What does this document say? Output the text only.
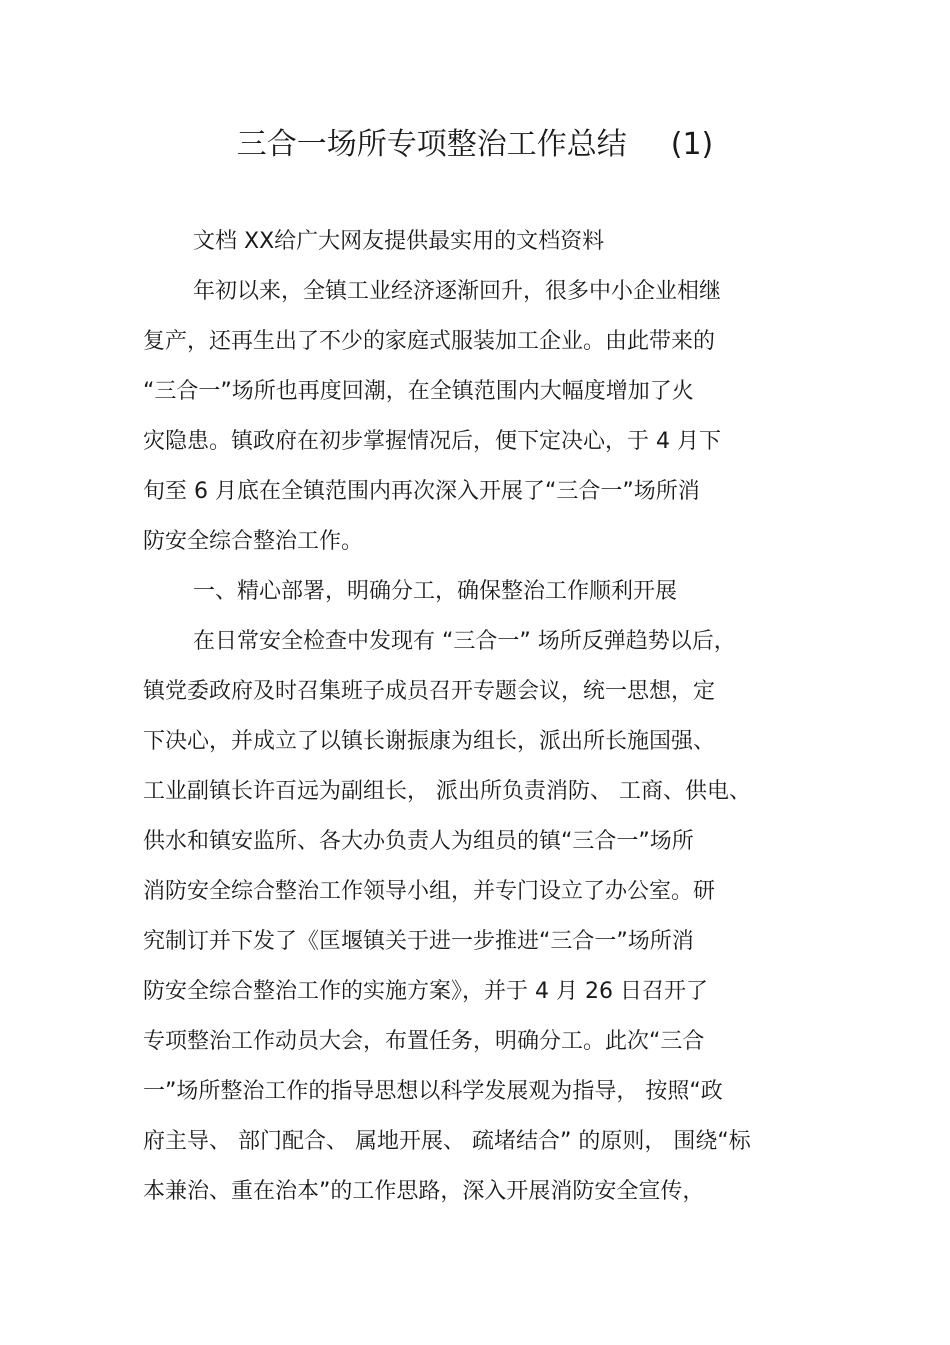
三合一场所专项整治工作总结 (1)
文档 XX给广大网友提供最实用的文档资料
年初以来，全镇工业经济逐渐回升，很多中小企业相继
复产，还再生出了不少的家庭式服装加工企业。由此带来的
“三合一”场所也再度回潮，在全镇范围内大幅度增加了火
灾隐患。镇政府在初步掌握情况后，便下定决心，于 4 月下
旬至 6 月底在全镇范围内再次深入开展了“三合一”场所消
防安全综合整治工作。
一、精心部署，明确分工，确保整治工作顺利开展
在日常安全检查中发现有 “三合一” 场所反弹趋势以后，
镇党委政府及时召集班子成员召开专题会议，统一思想，定
下决心，并成立了以镇长谢振康为组长，派出所长施国强、
工业副镇长许百远为副组长， 派出所负责消防、 工商、供电、
供水和镇安监所、各大办负责人为组员的镇“三合一”场所
消防安全综合整治工作领导小组，并专门设立了办公室。研
究制订并下发了《匡堰镇关于进一步推进“三合一”场所消
防安全综合整治工作的实施方案》，并于 4 月 26 日召开了
专项整治工作动员大会，布置任务，明确分工。此次“三合
一”场所整治工作的指导思想以科学发展观为指导， 按照“政
府主导、 部门配合、 属地开展、 疏堵结合” 的原则， 围绕“标
本兼治、重在治本”的工作思路，深入开展消防安全宣传，
